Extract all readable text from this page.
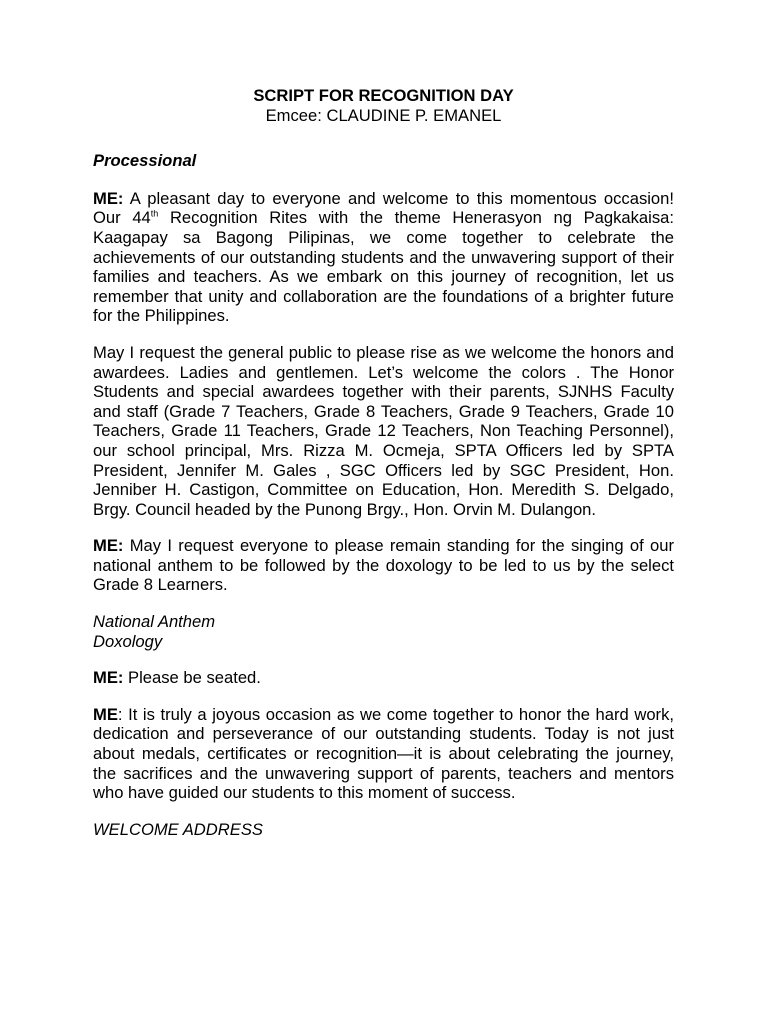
SCRIPT FOR RECOGNITION DAY

Emcee: CLAUDINE P. EMANEL

Processional

ME: A pleasant day to everyone and welcome to this momentous occasion! Our 44th Recognition Rites with the theme Henerasyon ng Pagkakaisa: Kaagapay sa Bagong Pilipinas, we come together to celebrate the achievements of our outstanding students and the unwavering support of their families and teachers. As we embark on this journey of recognition, let us remember that unity and collaboration are the foundations of a brighter future for the Philippines.

May I request the general public to please rise as we welcome the honors and awardees. Ladies and gentlemen. Let’s welcome the colors . The Honor Students and special awardees together with their parents, SJNHS Faculty and staff (Grade 7 Teachers, Grade 8 Teachers, Grade 9 Teachers, Grade 10 Teachers, Grade 11 Teachers, Grade 12 Teachers, Non Teaching Personnel), our school principal, Mrs. Rizza M. Ocmeja, SPTA Officers led by SPTA President, Jennifer M. Gales , SGC Officers led by SGC President, Hon. Jenniber H. Castigon, Committee on Education, Hon. Meredith S. Delgado, Brgy. Council headed by the Punong Brgy., Hon. Orvin M. Dulangon.

ME: May I request everyone to please remain standing for the singing of our national anthem to be followed by the doxology to be led to us by the select Grade 8 Learners.

National Anthem

Doxology

ME: Please be seated.

ME: It is truly a joyous occasion as we come together to honor the hard work, dedication and perseverance of our outstanding students. Today is not just about medals, certificates or recognition—it is about celebrating the journey, the sacrifices and the unwavering support of parents, teachers and mentors who have guided our students to this moment of success.

WELCOME ADDRESS
